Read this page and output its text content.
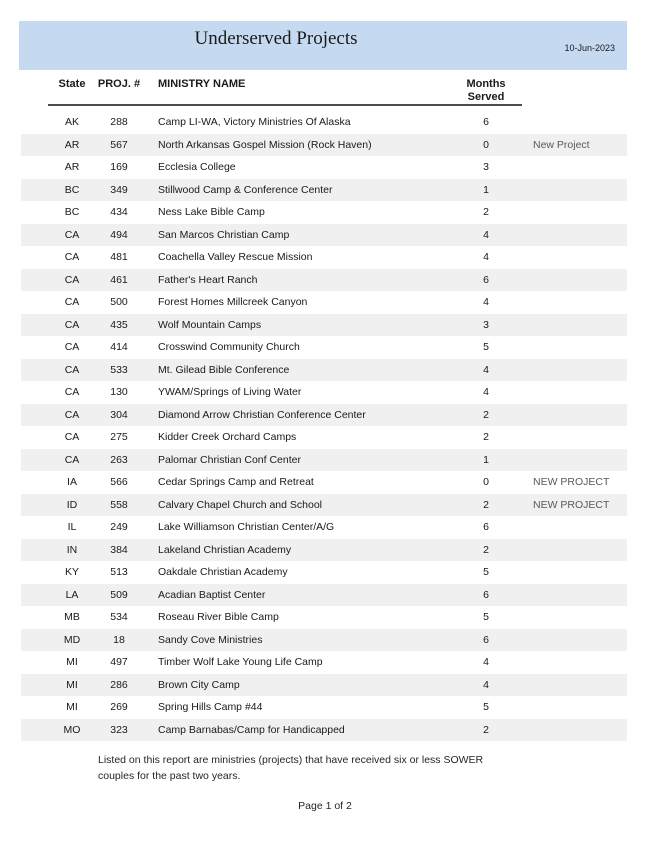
Underserved Projects	10-Jun-2023
State	PROJ. #	MINISTRY NAME	Months
Served
AK	288	Camp LI-WA, Victory Ministries Of Alaska	6
AR	567	North Arkansas Gospel Mission (Rock Haven)	0	New Project
AR	169	Ecclesia College	3
BC	349	Stillwood Camp & Conference Center	1
BC	434	Ness Lake Bible Camp	2
CA	494	San Marcos Christian Camp	4
CA	481	Coachella Valley Rescue Mission	4
CA	461	Father's Heart Ranch	6
CA	500	Forest Homes Millcreek Canyon	4
CA	435	Wolf Mountain Camps	3
CA	414	Crosswind Community Church	5
CA	533	Mt. Gilead Bible Conference	4
CA	130	YWAM/Springs of Living Water	4
CA	304	Diamond Arrow Christian Conference Center	2
CA	275	Kidder Creek Orchard Camps	2
CA	263	Palomar Christian Conf Center	1
IA	566	Cedar Springs Camp and Retreat	0	NEW PROJECT
ID	558	Calvary Chapel Church and School	2	NEW PROJECT
IL	249	Lake Williamson Christian Center/A/G	6
IN	384	Lakeland Christian Academy	2
KY	513	Oakdale Christian Academy	5
LA	509	Acadian Baptist Center	6
MB	534	Roseau River Bible Camp	5
MD	18	Sandy Cove Ministries	6
MI	497	Timber Wolf Lake Young Life Camp	4
MI	286	Brown City Camp	4
MI	269	Spring Hills Camp #44	5
MO	323	Camp Barnabas/Camp for Handicapped	2
Listed on this report are ministries (projects) that have received six or less SOWER
couples for the past two years.
Page 1 of 2
